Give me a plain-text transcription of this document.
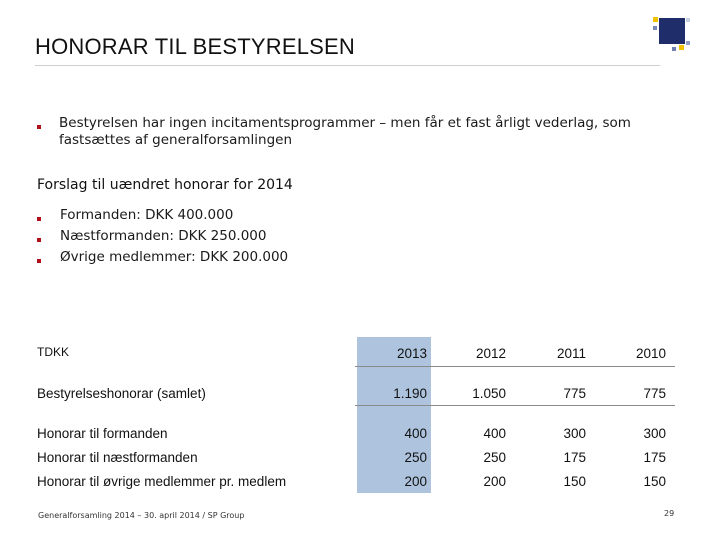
HONORAR TIL BESTYRELSEN
Bestyrelsen har ingen incitamentsprogrammer – men får et fast årligt vederlag, som
fastsættes af generalforsamlingen
Forslag til uændret honorar for 2014
Formanden: DKK 400.000
Næstformanden: DKK 250.000
Øvrige medlemmer: DKK 200.000
TDKK	2013	2012	2011	2010
Bestyrelseshonorar (samlet)	1.190	1.050	775	775
Honorar til formanden	400	400	300	300
Honorar til næstformanden	250	250	175	175
Honorar til øvrige medlemmer pr. medlem	200	200	150	150
Generalforsamling 2014 – 30. april 2014 / SP Group	29
